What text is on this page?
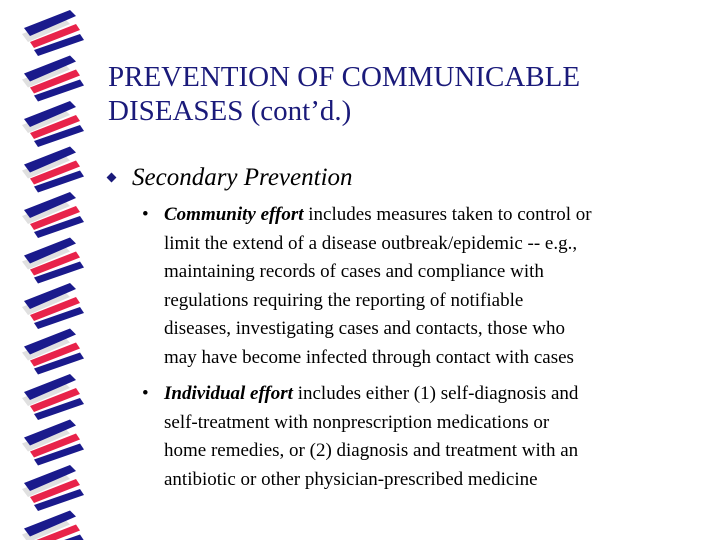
PREVENTION OF COMMUNICABLE
DISEASES (cont’d.)
Secondary Prevention
• Community effort includes measures taken to control or
limit the extend of a disease outbreak/epidemic -- e.g.,
maintaining records of cases and compliance with
regulations requiring the reporting of notifiable
diseases, investigating cases and contacts, those who
may have become infected through contact with cases
• Individual effort includes either (1) self-diagnosis and
self-treatment with nonprescription medications or
home remedies, or (2) diagnosis and treatment with an
antibiotic or other physician-prescribed medicine
